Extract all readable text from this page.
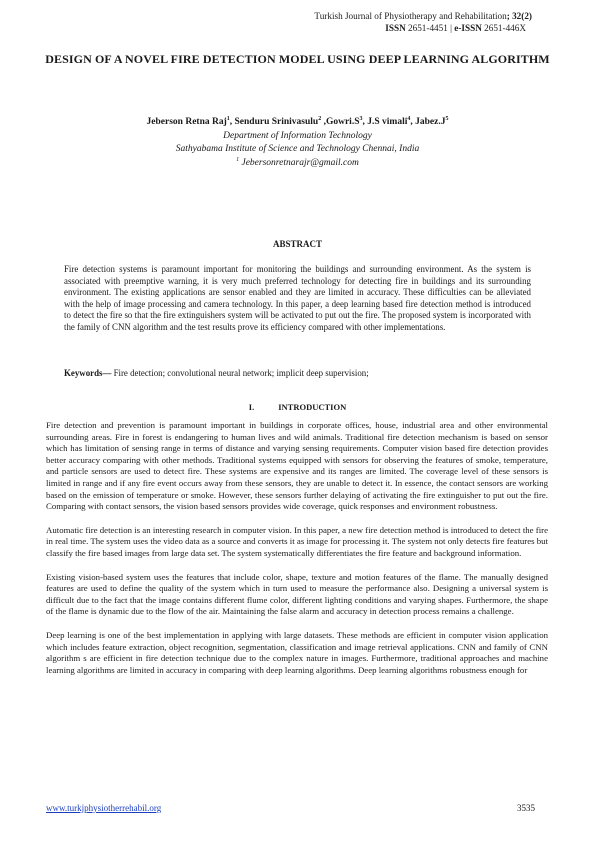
Turkish Journal of Physiotherapy and Rehabilitation; 32(2)
ISSN 2651-4451 | e-ISSN 2651-446X
DESIGN OF A NOVEL FIRE DETECTION MODEL USING DEEP LEARNING ALGORITHM
Jeberson Retna Raj$^1$, Senduru Srinivasulu$^2$ $,Gowri.S^3$, J.S vimali$^4$, $Jabez.J^5$
Department of Information Technology
Sathyabama Institute of Science and Technology Chennai, India
$^1$ Jebersonretnarajr@gmail.com
ABSTRACT
Fire detection systems is paramount important for monitoring the buildings and surrounding environment. As the system is associated with preemptive warning, it is very much preferred technology for detecting fire in buildings and its surrounding environment. The existing applications are sensor enabled and they are limited in accuracy. These difficulties can be alleviated with the help of image processing and camera technology. In this paper, a deep learning based fire detection method is introduced to detect the fire so that the fire extinguishers system will be activated to put out the fire. The proposed system is incorporated with the family of CNN algorithm and the test results prove its efficiency compared with other implementations.
Keywords— Fire detection; convolutional neural network; implicit deep supervision;
I.	INTRODUCTION

Fire detection and prevention is paramount important in buildings in corporate offices, house, industrial area and other environmental surrounding areas. Fire in forest is endangering to human lives and wild animals. Traditional fire detection mechanism is based on sensor which has limitation of sensing range in terms of distance and varying sensing requirements. Computer vision based fire detection provides better accuracy comparing with other methods. Traditional systems equipped with sensors for observing the features of smoke, temperature, and particle sensors are used to detect fire. These systems are expensive and its ranges are limited. The coverage level of these sensors is limited in range and if any fire event occurs away from these sensors, they are unable to detect it. In essence, the contact sensors are working based on the emission of temperature or smoke. However, these sensors further delaying of activating the fire extinguisher to put out the fire. Comparing with contact sensors, the vision based sensors provides wide coverage, quick responses and environment robustness.

Automatic fire detection is an interesting research in computer vision. In this paper, a new fire detection method is introduced to detect the fire in real time. The system uses the video data as a source and converts it as image for processing it. The system not only detects fire features but classify the fire based images from large data set. The system systematically differentiates the fire feature and background information.

Existing vision-based system uses the features that include color, shape, texture and motion features of the flame. The manually designed features are used to define the quality of the system which in turn used to measure the performance also. Designing a universal system is difficult due to the fact that the image contains different flume color, different lighting conditions and varying shapes. Furthermore, the shape of the flame is dynamic due to the flow of the air. Maintaining the false alarm and accuracy in detection process remains a challenge.

Deep learning is one of the best implementation in applying with large datasets. These methods are efficient in computer vision application which includes feature extraction, object recognition, segmentation, classification and image retrieval applications. CNN and family of CNN algorithm s are efficient in fire detection technique due to the complex nature in images. Furthermore, traditional approaches and machine learning algorithms are limited in accuracy in comparing with deep learning algorithms. Deep learning algorithms robustness enough for

www.turkjphysiotherrehabil.org	3535
